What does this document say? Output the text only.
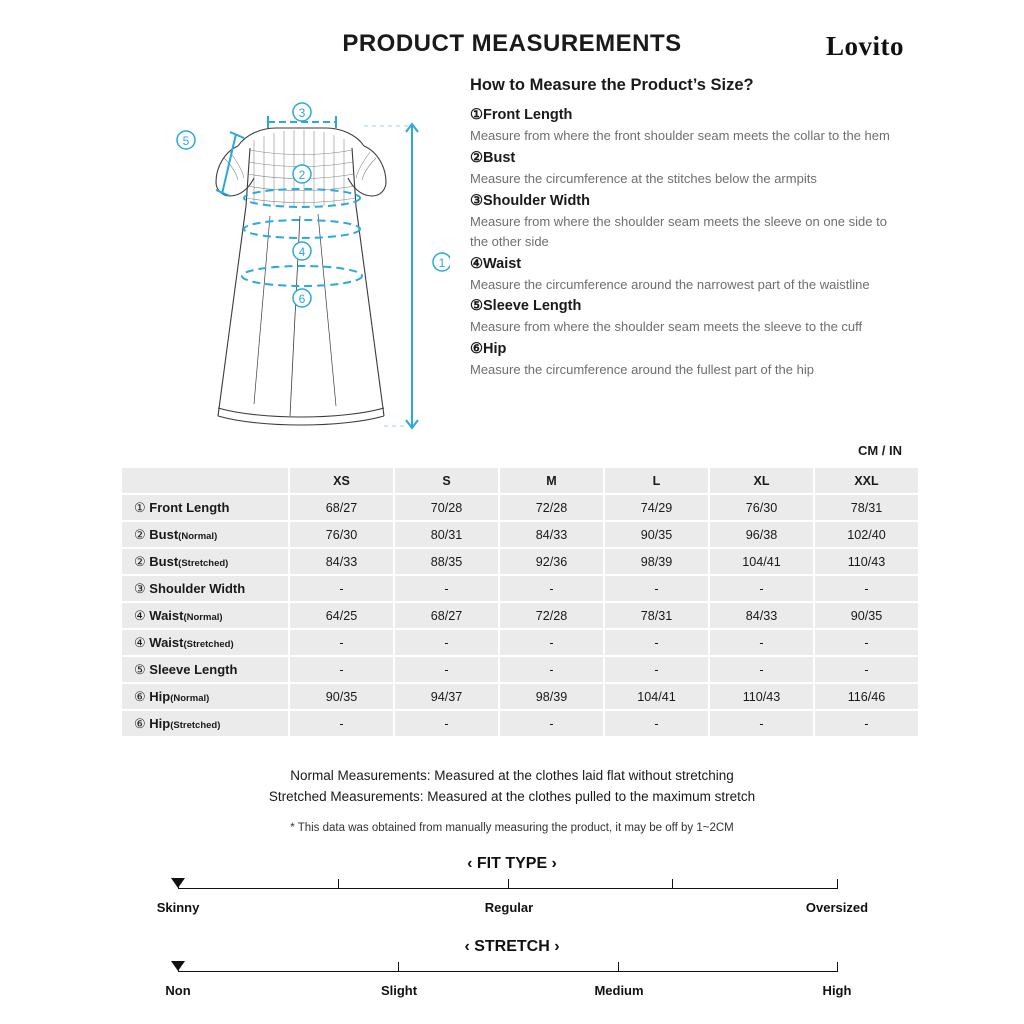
PRODUCT MEASUREMENTS	Lovito
3
5
2
4
6
1
How to Measure the Product’s Size?
①Front Length
Measure from where the front shoulder seam meets the collar to the hem
②Bust
Measure the circumference at the stitches below the armpits
③Shoulder Width
Measure from where the shoulder seam meets the sleeve on one side to the other side
④Waist
Measure the circumference around the narrowest part of the waistline
⑤Sleeve Length
Measure from where the shoulder seam meets the sleeve to the cuff
⑥Hip
Measure the circumference around the fullest part of the hip
CM / IN
	XS	S	M	L	XL	XXL
① Front Length	68/27	70/28	72/28	74/29	76/30	78/31
② Bust(Normal)	76/30	80/31	84/33	90/35	96/38	102/40
② Bust(Stretched)	84/33	88/35	92/36	98/39	104/41	110/43
③ Shoulder Width	-	-	-	-	-	-
④ Waist(Normal)	64/25	68/27	72/28	78/31	84/33	90/35
④ Waist(Stretched)	-	-	-	-	-	-
⑤ Sleeve Length	-	-	-	-	-	-
⑥ Hip(Normal)	90/35	94/37	98/39	104/41	110/43	116/46
⑥ Hip(Stretched)	-	-	-	-	-	-
Normal Measurements: Measured at the clothes laid flat without stretching
Stretched Measurements: Measured at the clothes pulled to the maximum stretch
* This data was obtained from manually measuring the product, it may be off by 1~2CM
‹ FIT TYPE ›
Skinny	Regular	Oversized
‹ STRETCH ›
Non	Slight	Medium	High
